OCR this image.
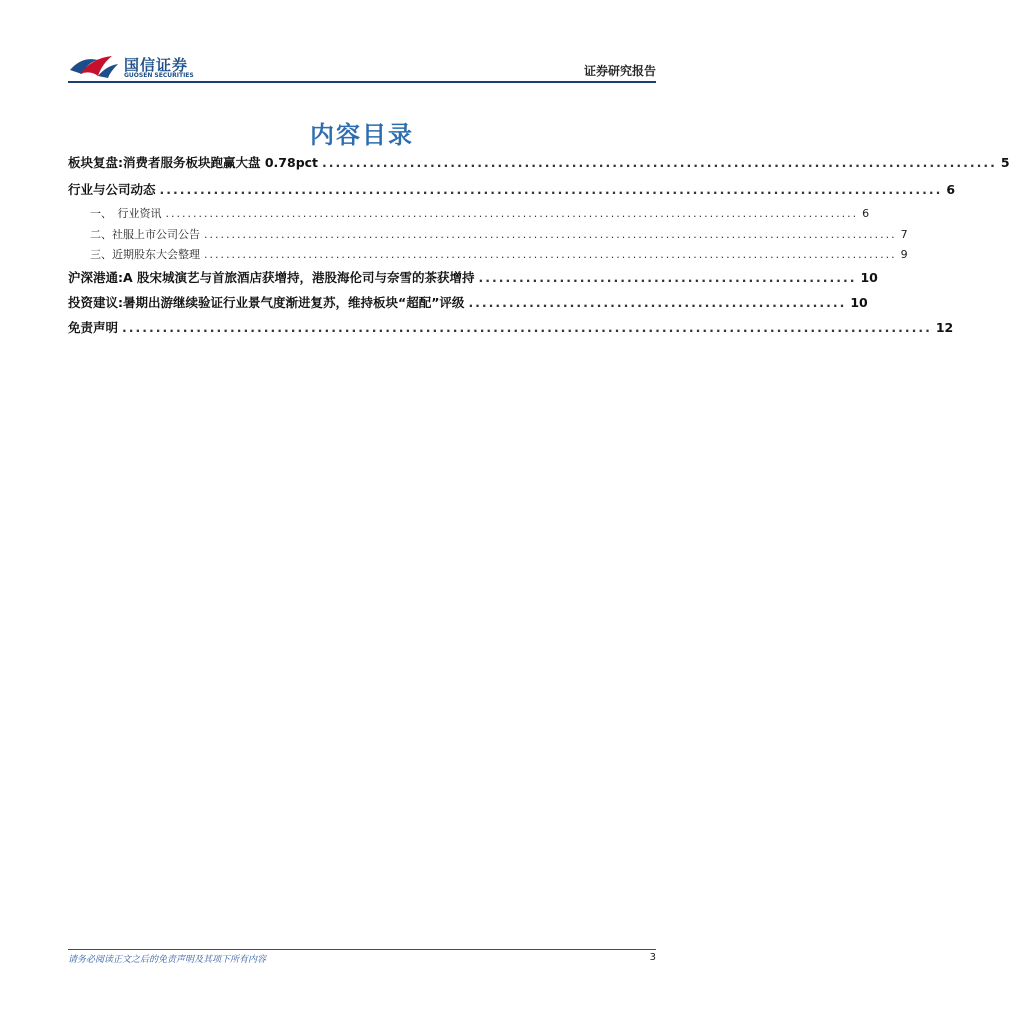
国信证券
GUOSEN SECURITIES	证券研究报告
内容目录
板块复盘:消费者服务板块跑赢大盘 0.78pct .................................................................................................... 5
行业与公司动态 .................................................................................................................... 6
一、　行业资讯 .............................................................................................................................. 6
二、社服上市公司公告 .............................................................................................................................. 7
三、近期股东大会整理 .............................................................................................................................. 9
沪深港通:A 股宋城演艺与首旅酒店获增持，港股海伦司与奈雪的茶获增持 ........................................................ 10
投资建议:暑期出游继续验证行业景气度渐进复苏，维持板块“超配”评级 ........................................................ 10
免责声明 ........................................................................................................................ 12
请务必阅读正文之后的免责声明及其项下所有内容	3
